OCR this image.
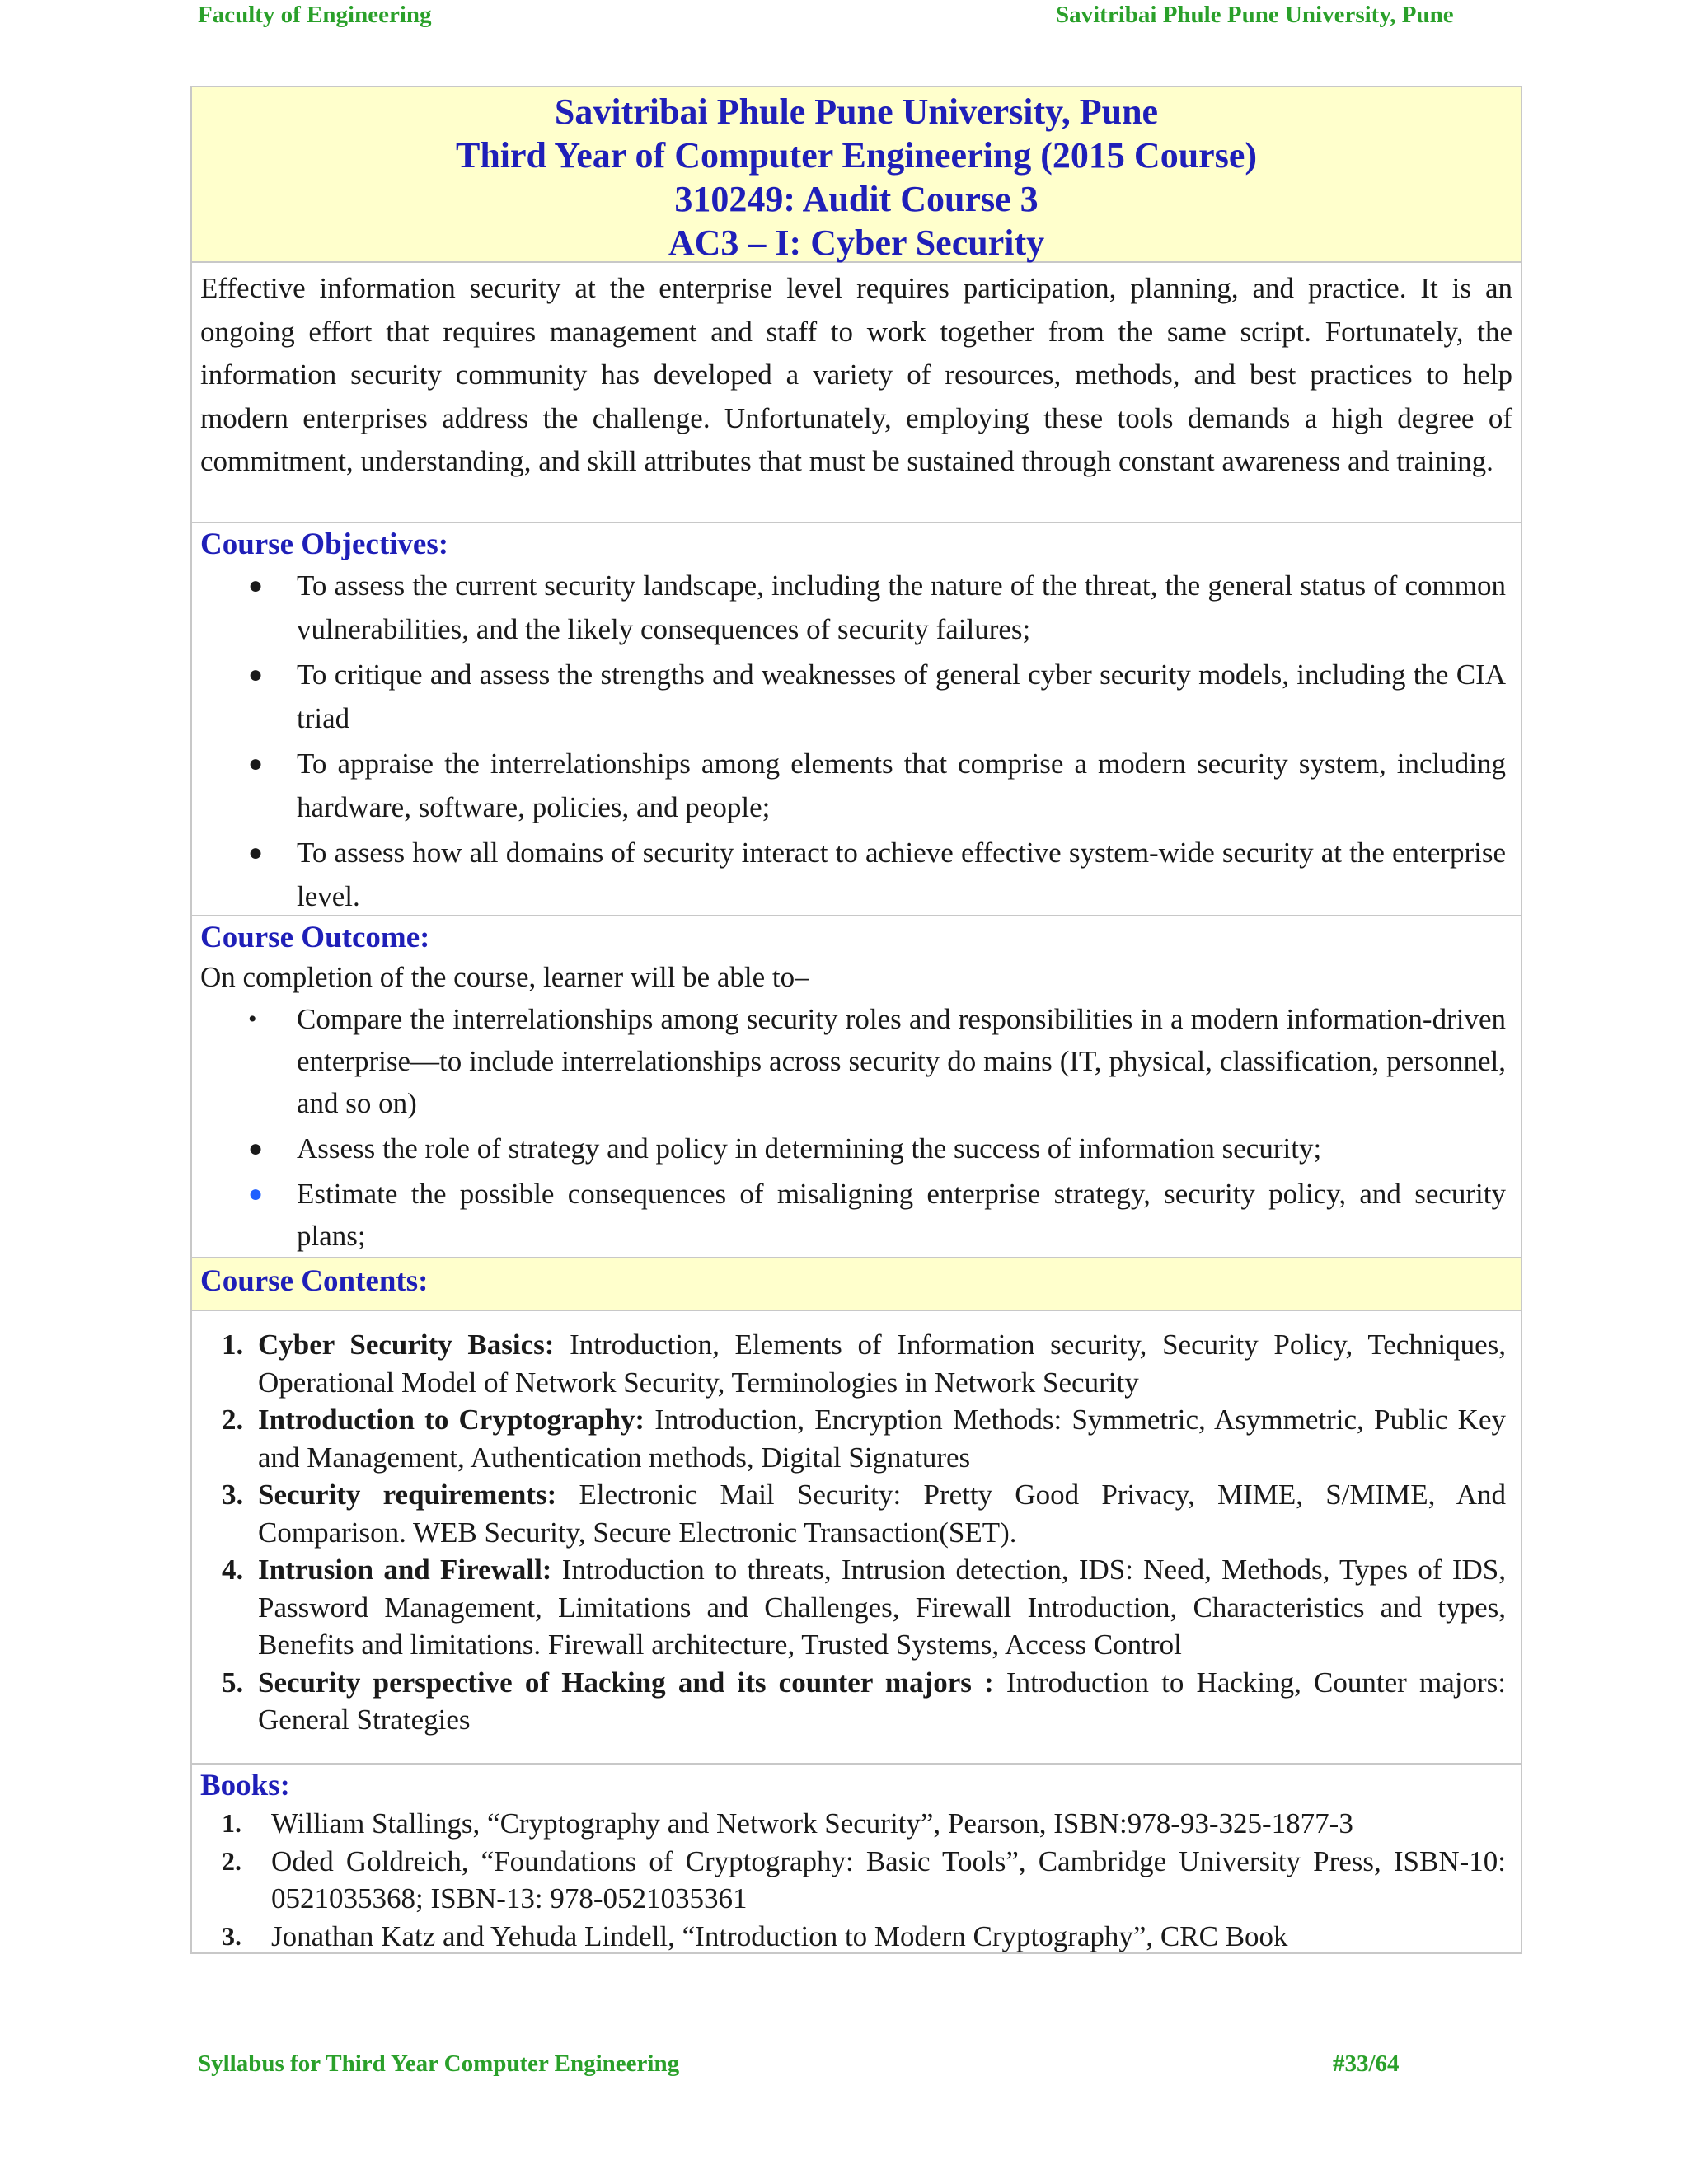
Faculty of Engineering	Savitribai Phule Pune University, Pune
Savitribai Phule Pune University, Pune
Third Year of Computer Engineering (2015 Course)
310249: Audit Course 3
AC3 – I: Cyber Security
Effective information security at the enterprise level requires participation, planning, and practice. It is an ongoing effort that requires management and staff to work together from the same script. Fortunately, the information security community has developed a variety of resources, methods, and best practices to help modern enterprises address the challenge. Unfortunately, employing these tools demands a high degree of commitment, understanding, and skill attributes that must be sustained through constant awareness and training.
Course Objectives:
● To assess the current security landscape, including the nature of the threat, the general status of common vulnerabilities, and the likely consequences of security failures;
● To critique and assess the strengths and weaknesses of general cyber security models, including the CIA triad
● To appraise the interrelationships among elements that comprise a modern security system, including hardware, software, policies, and people;
● To assess how all domains of security interact to achieve effective system-wide security at the enterprise level.
Course Outcome:
On completion of the course, learner will be able to–
• Compare the interrelationships among security roles and responsibilities in a modern information-driven enterprise—to include interrelationships across security do mains (IT, physical, classification, personnel, and so on)
● Assess the role of strategy and policy in determining the success of information security;
● Estimate the possible consequences of misaligning enterprise strategy, security policy, and security plans;
Course Contents:
1. Cyber Security Basics: Introduction, Elements of Information security, Security Policy, Techniques, Operational Model of Network Security, Terminologies in Network Security
2. Introduction to Cryptography: Introduction, Encryption Methods: Symmetric, Asymmetric, Public Key and Management, Authentication methods, Digital Signatures
3. Security requirements: Electronic Mail Security: Pretty Good Privacy, MIME, S/MIME, And Comparison. WEB Security, Secure Electronic Transaction(SET).
4. Intrusion and Firewall: Introduction to threats, Intrusion detection, IDS: Need, Methods, Types of IDS, Password Management, Limitations and Challenges, Firewall Introduction, Characteristics and types, Benefits and limitations. Firewall architecture, Trusted Systems, Access Control
5. Security perspective of Hacking and its counter majors : Introduction to Hacking, Counter majors: General Strategies
Books:
1. William Stallings, “Cryptography and Network Security”, Pearson, ISBN:978-93-325-1877-3
2. Oded Goldreich, “Foundations of Cryptography: Basic Tools”, Cambridge University Press, ISBN-10: 0521035368; ISBN-13: 978-0521035361
3. Jonathan Katz and Yehuda Lindell, “Introduction to Modern Cryptography”, CRC Book
Syllabus for Third Year Computer Engineering	#33/64
